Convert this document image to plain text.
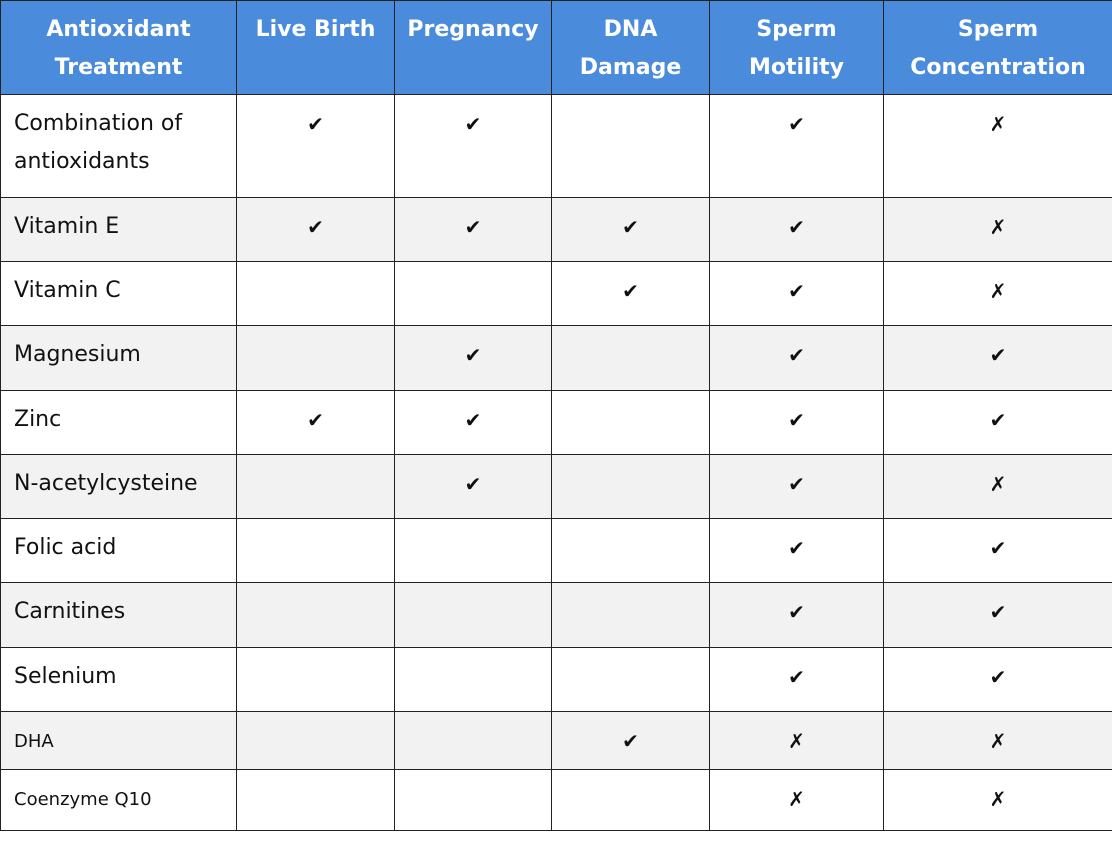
Antioxidant Treatment	Live Birth	Pregnancy	DNA Damage	Sperm Motility	Sperm Concentration
Combination of antioxidants	✔	✔		✔	✗
Vitamin E	✔	✔	✔	✔	✗
Vitamin C			✔	✔	✗
Magnesium		✔		✔	✔
Zinc	✔	✔		✔	✔
N-acetylcysteine		✔		✔	✗
Folic acid				✔	✔
Carnitines				✔	✔
Selenium				✔	✔
DHA			✔	✗	✗
Coenzyme Q10				✗	✗
